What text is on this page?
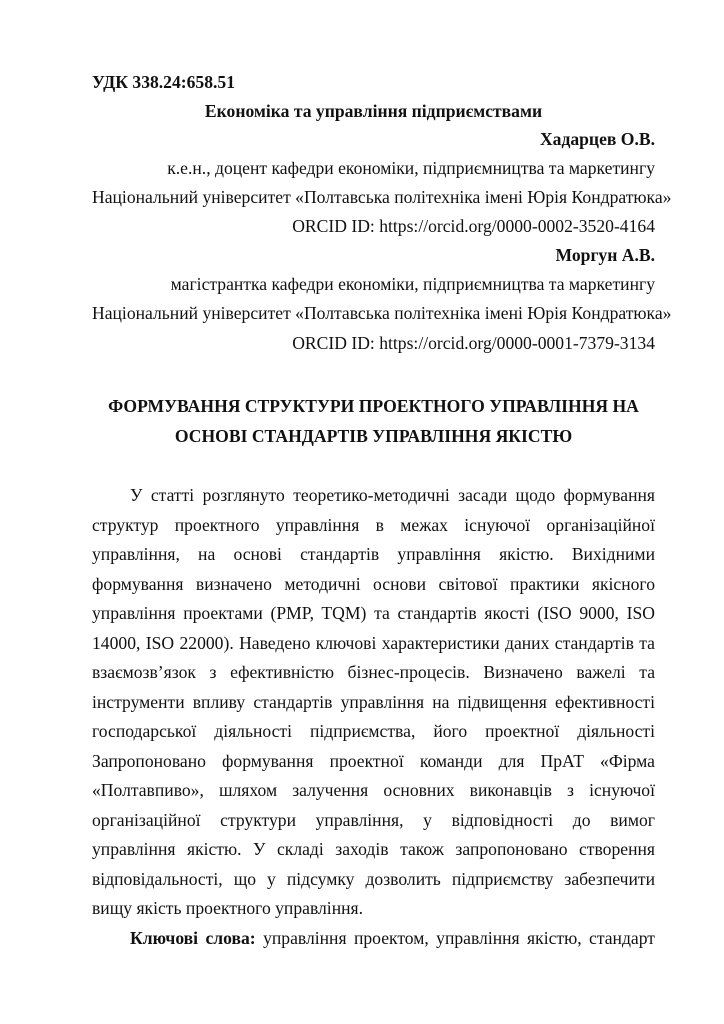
УДК 338.24:658.51
Економіка та управління підприємствами
Хадарцев О.В.
к.е.н., доцент кафедри економіки, підприємництва та маркетингу
Національний університет «Полтавська політехніка імені Юрія Кондратюка»
ORCID ID: https://orcid.org/0000-0002-3520-4164
Моргун А.В.
магістрантка кафедри економіки, підприємництва та маркетингу
Національний університет «Полтавська політехніка імені Юрія Кондратюка»
ORCID ID: https://orcid.org/0000-0001-7379-3134
ФОРМУВАННЯ СТРУКТУРИ ПРОЕКТНОГО УПРАВЛІННЯ НА
ОСНОВІ СТАНДАРТІВ УПРАВЛІННЯ ЯКІСТЮ
У статті розглянуто теоретико-методичні засади щодо формування
структур проектного управління в межах існуючої організаційної
управління, на основі стандартів управління якістю. Вихідними
формування визначено методичні основи світової практики якісного
управління проектами (PMP, TQM) та стандартів якості (ISO 9000, ISO
14000, ISO 22000). Наведено ключові характеристики даних стандартів та
взаємозв’язок з ефективністю бізнес-процесів. Визначено важелі та
інструменти впливу стандартів управління на підвищення ефективності
господарської діяльності підприємства, його проектної діяльності
Запропоновано формування проектної команди для ПрАТ «Фірма
«Полтавпиво», шляхом залучення основних виконавців з існуючої
організаційної структури управління, у відповідності до вимог
управління якістю. У складі заходів також запропоновано створення
відповідальності, що у підсумку дозволить підприємству забезпечити
вищу якість проектного управління.
Ключові слова: управління проектом, управління якістю, стандарт
